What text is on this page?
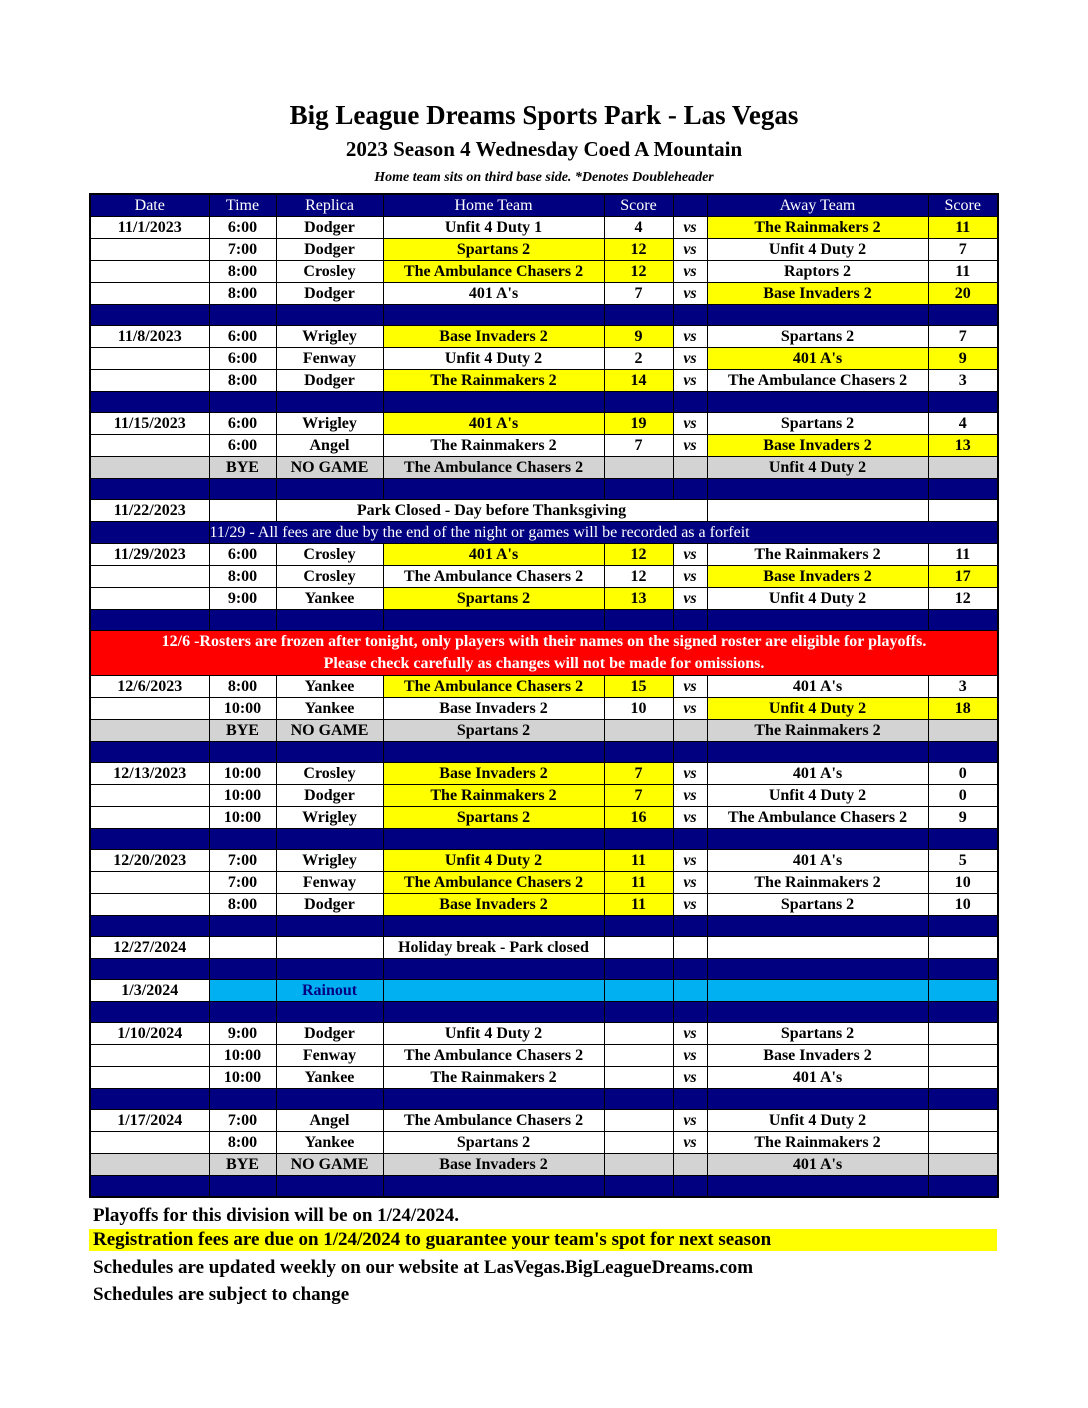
Big League Dreams Sports Park - Las Vegas
2023 Season 4 Wednesday Coed A Mountain
Home team sits on third base side. *Denotes Doubleheader
Date	Time	Replica	Home Team	Score		Away Team	Score
11/1/2023	6:00	Dodger	Unfit 4 Duty 1	4	vs	The Rainmakers 2	11
	7:00	Dodger	Spartans 2	12	vs	Unfit 4 Duty 2	7
	8:00	Crosley	The Ambulance Chasers 2	12	vs	Raptors 2	11
	8:00	Dodger	401 A's	7	vs	Base Invaders 2	20

11/8/2023	6:00	Wrigley	Base Invaders 2	9	vs	Spartans 2	7
	6:00	Fenway	Unfit 4 Duty 2	2	vs	401 A's	9
	8:00	Dodger	The Rainmakers 2	14	vs	The Ambulance Chasers 2	3

11/15/2023	6:00	Wrigley	401 A's	19	vs	Spartans 2	4
	6:00	Angel	The Rainmakers 2	7	vs	Base Invaders 2	13
	BYE	NO GAME	The Ambulance Chasers 2			Unfit 4 Duty 2	

11/22/2023		Park Closed - Day before Thanksgiving					
	11/29 - All fees are due by the end of the night or games will be recorded as a forfeit						
11/29/2023	6:00	Crosley	401 A's	12	vs	The Rainmakers 2	11
	8:00	Crosley	The Ambulance Chasers 2	12	vs	Base Invaders 2	17
	9:00	Yankee	Spartans 2	13	vs	Unfit 4 Duty 2	12

12/6 -Rosters are frozen after tonight, only players with their names on the signed roster are eligible for playoffs.
Please check carefully as changes will not be made for omissions.							

12/6/2023	8:00	Yankee	The Ambulance Chasers 2	15	vs	401 A's	3
	10:00	Yankee	Base Invaders 2	10	vs	Unfit 4 Duty 2	18
	BYE	NO GAME	Spartans 2			The Rainmakers 2	

12/13/2023	10:00	Crosley	Base Invaders 2	7	vs	401 A's	0
	10:00	Dodger	The Rainmakers 2	7	vs	Unfit 4 Duty 2	0
	10:00	Wrigley	Spartans 2	16	vs	The Ambulance Chasers 2	9

12/20/2023	7:00	Wrigley	Unfit 4 Duty 2	11	vs	401 A's	5
	7:00	Fenway	The Ambulance Chasers 2	11	vs	The Rainmakers 2	10
	8:00	Dodger	Base Invaders 2	11	vs	Spartans 2	10

12/27/2024			Holiday break - Park closed				

1/3/2024		Rainout					

1/10/2024	9:00	Dodger	Unfit 4 Duty 2		vs	Spartans 2	
	10:00	Fenway	The Ambulance Chasers 2		vs	Base Invaders 2	
	10:00	Yankee	The Rainmakers 2		vs	401 A's	

1/17/2024	7:00	Angel	The Ambulance Chasers 2		vs	Unfit 4 Duty 2	
	8:00	Yankee	Spartans 2		vs	The Rainmakers 2	
	BYE	NO GAME	Base Invaders 2			401 A's	

Playoffs for this division will be on 1/24/2024.
Registration fees are due on 1/24/2024 to guarantee your team's spot for next season
Schedules are updated weekly on our website at LasVegas.BigLeagueDreams.com
Schedules are subject to change
